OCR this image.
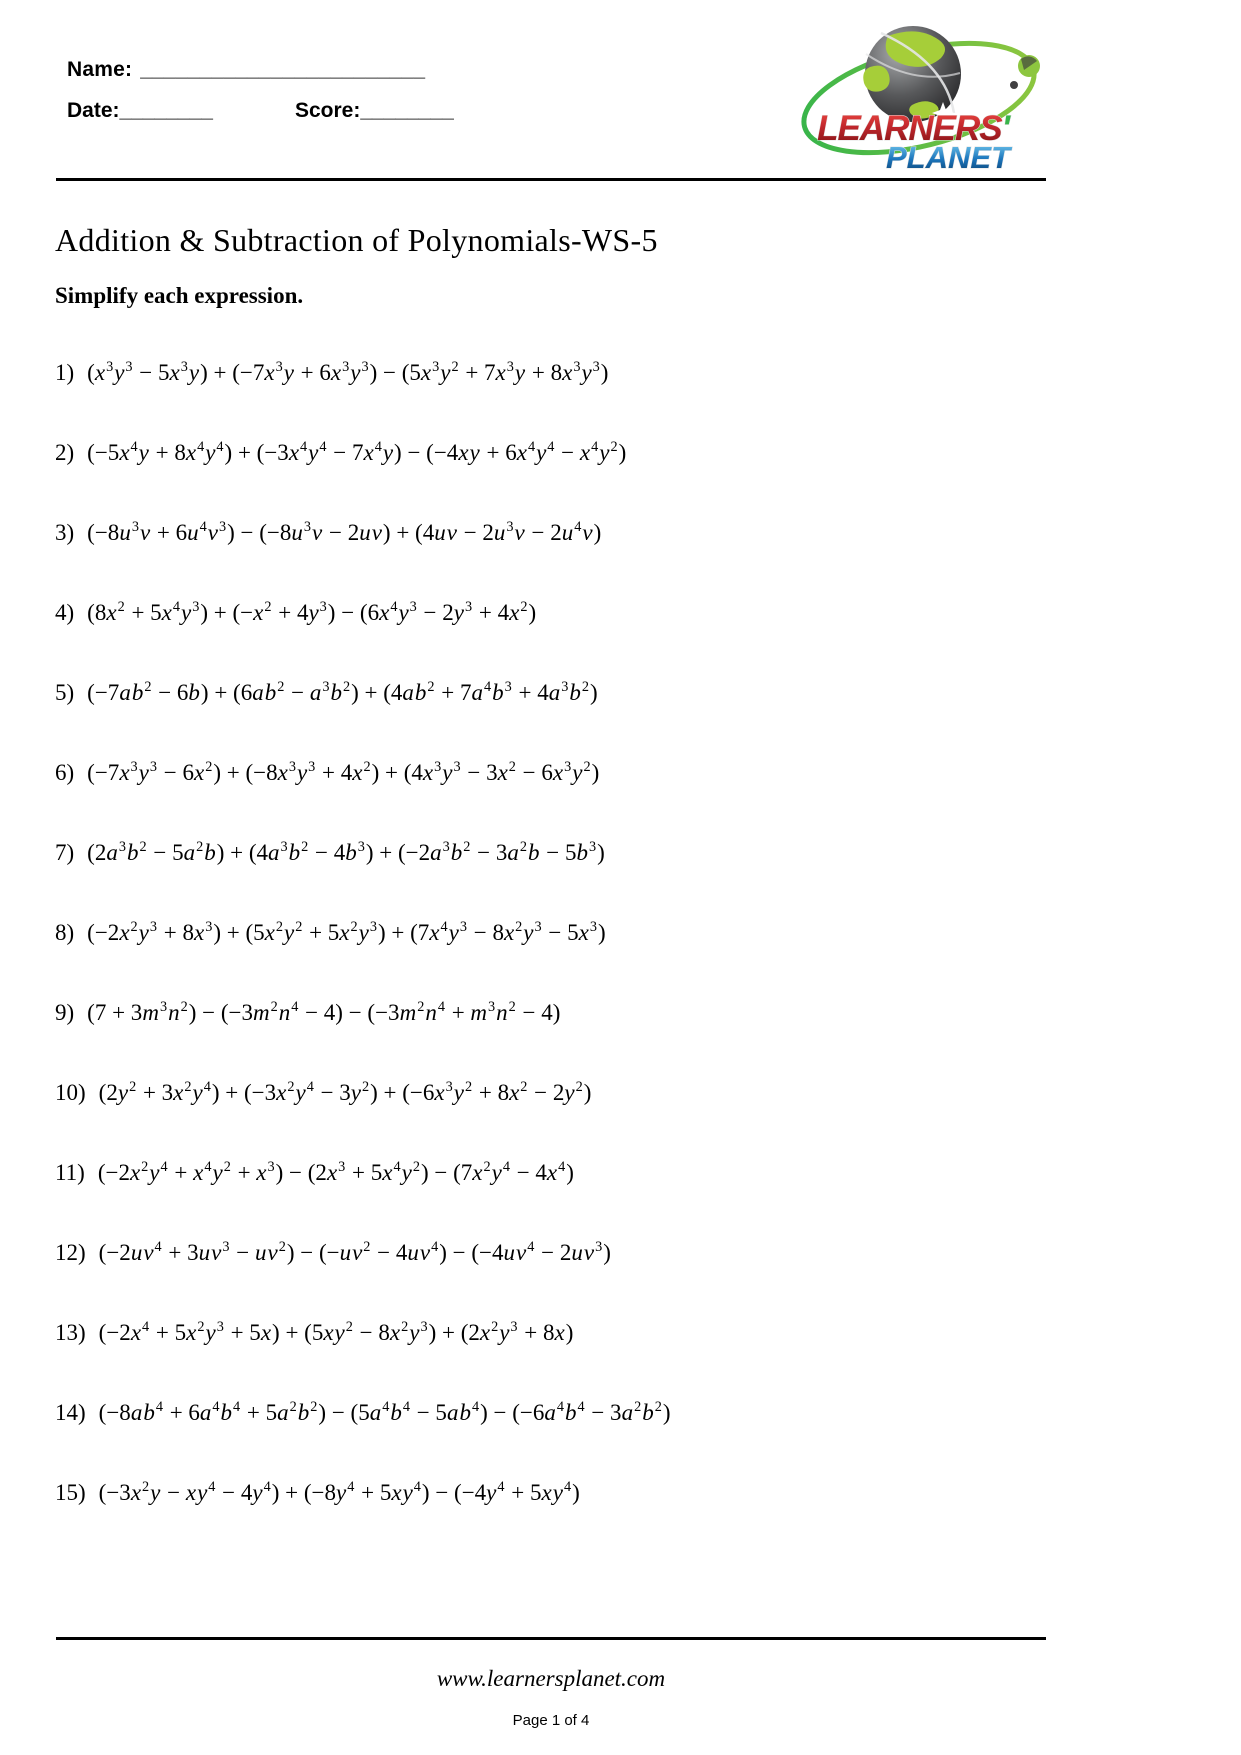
Name: ________________________
Date:________	Score:________	LEARNERS'
PLANET
Addition & Subtraction of Polynomials-WS-5
Simplify each expression.
1) $(x^3y^3 - 5x^3y) + (-7x^3y + 6x^3y^3) - (5x^3y^2 + 7x^3y + 8x^3y^3)$
2) $(-5x^4y + 8x^4y^4) + (-3x^4y^4 - 7x^4y) - (-4xy + 6x^4y^4 - x^4y^2)$
3) $(-8u^3v + 6u^4v^3) - (-8u^3v - 2uv) + (4uv - 2u^3v - 2u^4v)$
4) $(8x^2 + 5x^4y^3) + (-x^2 + 4y^3) - (6x^4y^3 - 2y^3 + 4x^2)$
5) $(-7ab^2 - 6b) + (6ab^2 - a^3b^2) + (4ab^2 + 7a^4b^3 + 4a^3b^2)$
6) $(-7x^3y^3 - 6x^2) + (-8x^3y^3 + 4x^2) + (4x^3y^3 - 3x^2 - 6x^3y^2)$
7) $(2a^3b^2 - 5a^2b) + (4a^3b^2 - 4b^3) + (-2a^3b^2 - 3a^2b - 5b^3)$
8) $(-2x^2y^3 + 8x^3) + (5x^2y^2 + 5x^2y^3) + (7x^4y^3 - 8x^2y^3 - 5x^3)$
9) $(7 + 3m^3n^2) - (-3m^2n^4 - 4) - (-3m^2n^4 + m^3n^2 - 4)$
10) $(2y^2 + 3x^2y^4) + (-3x^2y^4 - 3y^2) + (-6x^3y^2 + 8x^2 - 2y^2)$
11) $(-2x^2y^4 + x^4y^2 + x^3) - (2x^3 + 5x^4y^2) - (7x^2y^4 - 4x^4)$
12) $(-2uv^4 + 3uv^3 - uv^2) - (-uv^2 - 4uv^4) - (-4uv^4 - 2uv^3)$
13) $(-2x^4 + 5x^2y^3 + 5x) + (5xy^2 - 8x^2y^3) + (2x^2y^3 + 8x)$
14) $(-8ab^4 + 6a^4b^4 + 5a^2b^2) - (5a^4b^4 - 5ab^4) - (-6a^4b^4 - 3a^2b^2)$
15) $(-3x^2y - xy^4 - 4y^4) + (-8y^4 + 5xy^4) - (-4y^4 + 5xy^4)$
www.learnersplanet.com
Page 1 of 4
